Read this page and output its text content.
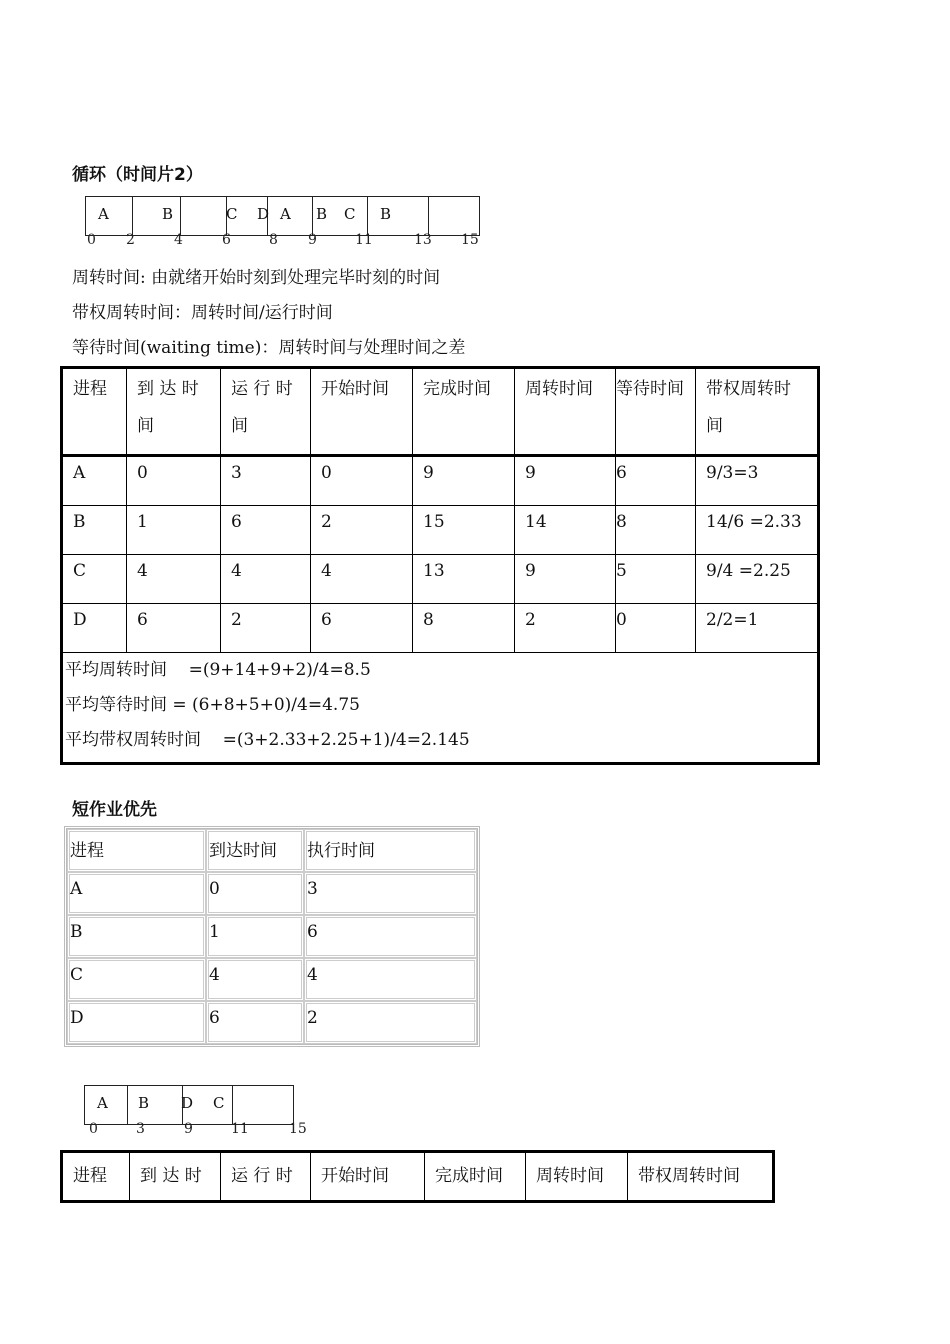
循环（时间片2）
A	B	C D A B C B
0 2	4	6	8 9	11	13 15
周转时间: 由就绪开始时刻到处理完毕时刻的时间
带权周转时间：周转时间/运行时间
等待时间(waiting time)：周转时间与处理时间之差
进程	到 达 时 间	运 行 时 间	开始时间	完成时间	周转时间	等待时间	带权周转时 间
A	0	3	0	9	9	6	9/3=3
B	1	6	2	15	14	8	14/6 =2.33
C	4	4	4	13	9	5	9/4 =2.25
D	6	2	6	8	2	0	2/2=1

平均周转时间    =(9+14+9+2)/4=8.5
平均等待时间 = (6+8+5+0)/4=4.75
平均带权周转时间    =(3+2.33+2.25+1)/4=2.145							
短作业优先
进程	到达时间	执行时间
A	0	3
B	1	6
C	4	4
D	6	2
A B D C
0	3	9	11	15
进程	到 达 时	运 行 时	开始时间	完成时间	周转时间	带权周转时间
